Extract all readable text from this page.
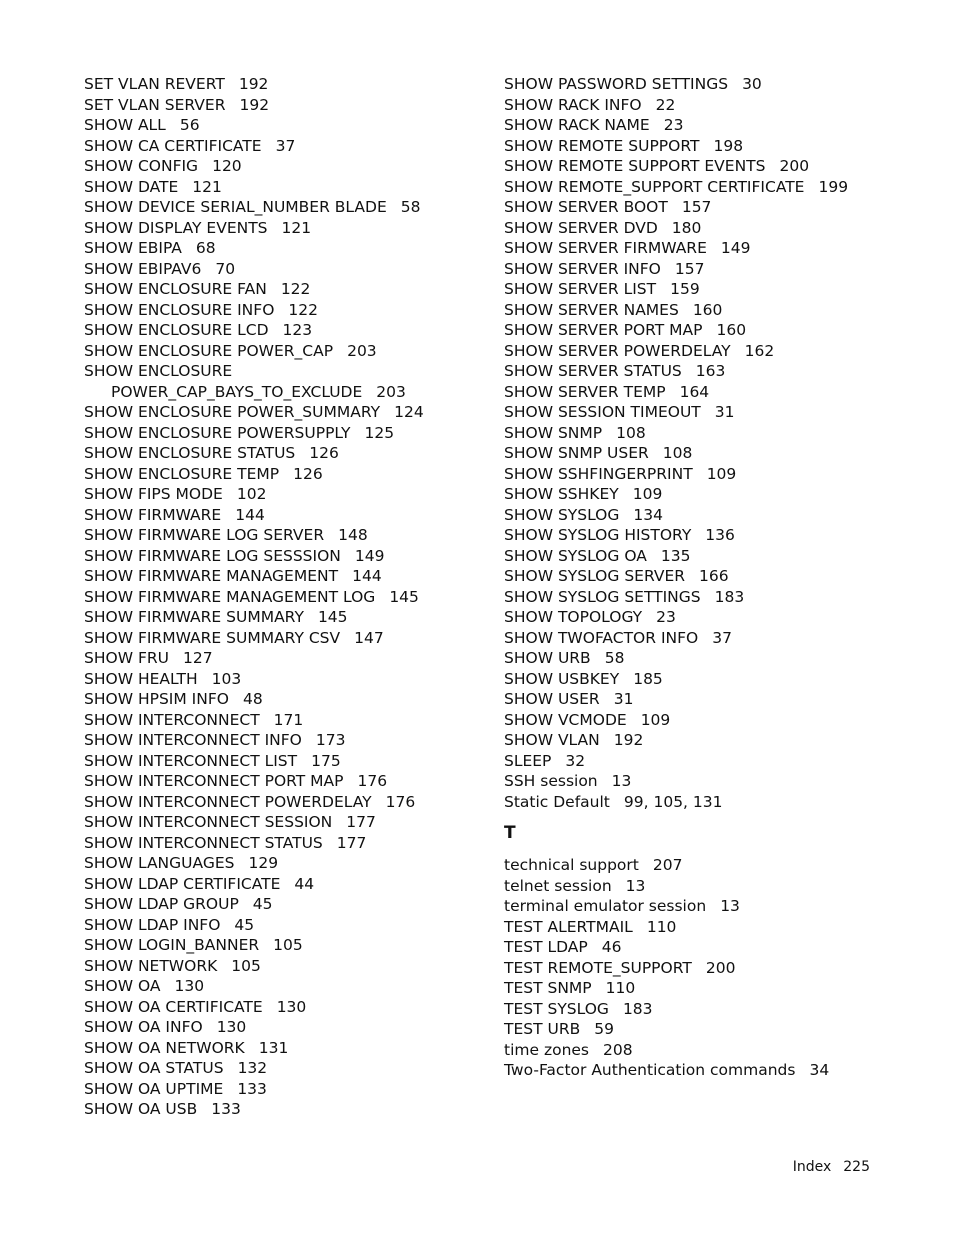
SET VLAN REVERT 192
SET VLAN SERVER 192
SHOW ALL 56
SHOW CA CERTIFICATE 37
SHOW CONFIG 120
SHOW DATE 121
SHOW DEVICE SERIAL_NUMBER BLADE 58
SHOW DISPLAY EVENTS 121
SHOW EBIPA 68
SHOW EBIPAV6 70
SHOW ENCLOSURE FAN 122
SHOW ENCLOSURE INFO 122
SHOW ENCLOSURE LCD 123
SHOW ENCLOSURE POWER_CAP 203
SHOW ENCLOSURE
POWER_CAP_BAYS_TO_EXCLUDE 203
SHOW ENCLOSURE POWER_SUMMARY 124
SHOW ENCLOSURE POWERSUPPLY 125
SHOW ENCLOSURE STATUS 126
SHOW ENCLOSURE TEMP 126
SHOW FIPS MODE 102
SHOW FIRMWARE 144
SHOW FIRMWARE LOG SERVER 148
SHOW FIRMWARE LOG SESSSION 149
SHOW FIRMWARE MANAGEMENT 144
SHOW FIRMWARE MANAGEMENT LOG 145
SHOW FIRMWARE SUMMARY 145
SHOW FIRMWARE SUMMARY CSV 147
SHOW FRU 127
SHOW HEALTH 103
SHOW HPSIM INFO 48
SHOW INTERCONNECT 171
SHOW INTERCONNECT INFO 173
SHOW INTERCONNECT LIST 175
SHOW INTERCONNECT PORT MAP 176
SHOW INTERCONNECT POWERDELAY 176
SHOW INTERCONNECT SESSION 177
SHOW INTERCONNECT STATUS 177
SHOW LANGUAGES 129
SHOW LDAP CERTIFICATE 44
SHOW LDAP GROUP 45
SHOW LDAP INFO 45
SHOW LOGIN_BANNER 105
SHOW NETWORK 105
SHOW OA 130
SHOW OA CERTIFICATE 130
SHOW OA INFO 130
SHOW OA NETWORK 131
SHOW OA STATUS 132
SHOW OA UPTIME 133
SHOW OA USB 133
SHOW PASSWORD SETTINGS 30
SHOW RACK INFO 22
SHOW RACK NAME 23
SHOW REMOTE SUPPORT 198
SHOW REMOTE SUPPORT EVENTS 200
SHOW REMOTE_SUPPORT CERTIFICATE 199
SHOW SERVER BOOT 157
SHOW SERVER DVD 180
SHOW SERVER FIRMWARE 149
SHOW SERVER INFO 157
SHOW SERVER LIST 159
SHOW SERVER NAMES 160
SHOW SERVER PORT MAP 160
SHOW SERVER POWERDELAY 162
SHOW SERVER STATUS 163
SHOW SERVER TEMP 164
SHOW SESSION TIMEOUT 31
SHOW SNMP 108
SHOW SNMP USER 108
SHOW SSHFINGERPRINT 109
SHOW SSHKEY 109
SHOW SYSLOG 134
SHOW SYSLOG HISTORY 136
SHOW SYSLOG OA 135
SHOW SYSLOG SERVER 166
SHOW SYSLOG SETTINGS 183
SHOW TOPOLOGY 23
SHOW TWOFACTOR INFO 37
SHOW URB 58
SHOW USBKEY 185
SHOW USER 31
SHOW VCMODE 109
SHOW VLAN 192
SLEEP 32
SSH session 13
Static Default 99, 105, 131
T
technical support 207
telnet session 13
terminal emulator session 13
TEST ALERTMAIL 110
TEST LDAP 46
TEST REMOTE_SUPPORT 200
TEST SNMP 110
TEST SYSLOG 183
TEST URB 59
time zones 208
Two-Factor Authentication commands 34
Index 225
